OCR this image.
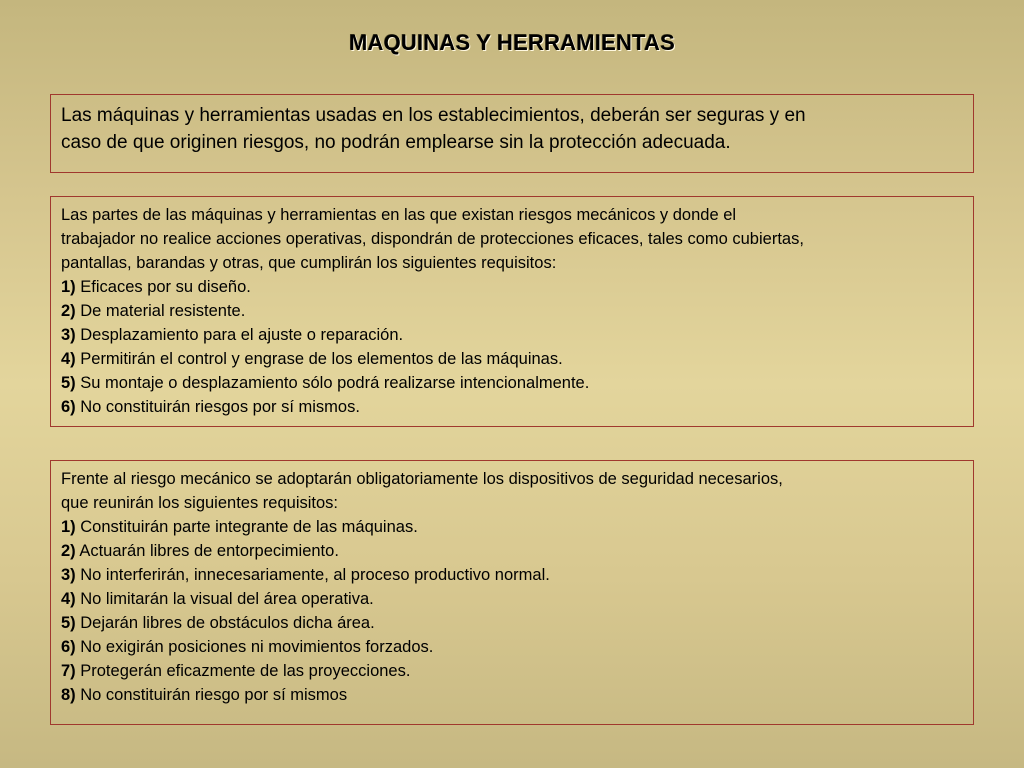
MAQUINAS Y HERRAMIENTAS
Las máquinas y herramientas usadas en los establecimientos, deberán ser seguras y en
caso de que originen riesgos, no podrán emplearse sin la protección adecuada.
Las partes de las máquinas y herramientas en las que existan riesgos mecánicos y donde el
trabajador no realice acciones operativas, dispondrán de protecciones eficaces, tales como cubiertas,
pantallas, barandas y otras, que cumplirán los siguientes requisitos:
1) Eficaces por su diseño.
2) De material resistente.
3) Desplazamiento para el ajuste o reparación.
4) Permitirán el control y engrase de los elementos de las máquinas.
5) Su montaje o desplazamiento sólo podrá realizarse intencionalmente.
6) No constituirán riesgos por sí mismos.
Frente al riesgo mecánico se adoptarán obligatoriamente los dispositivos de seguridad necesarios,
que reunirán los siguientes requisitos:
1) Constituirán parte integrante de las máquinas.
2) Actuarán libres de entorpecimiento.
3) No interferirán, innecesariamente, al proceso productivo normal.
4) No limitarán la visual del área operativa.
5) Dejarán libres de obstáculos dicha área.
6) No exigirán posiciones ni movimientos forzados.
7) Protegerán eficazmente de las proyecciones.
8) No constituirán riesgo por sí mismos
